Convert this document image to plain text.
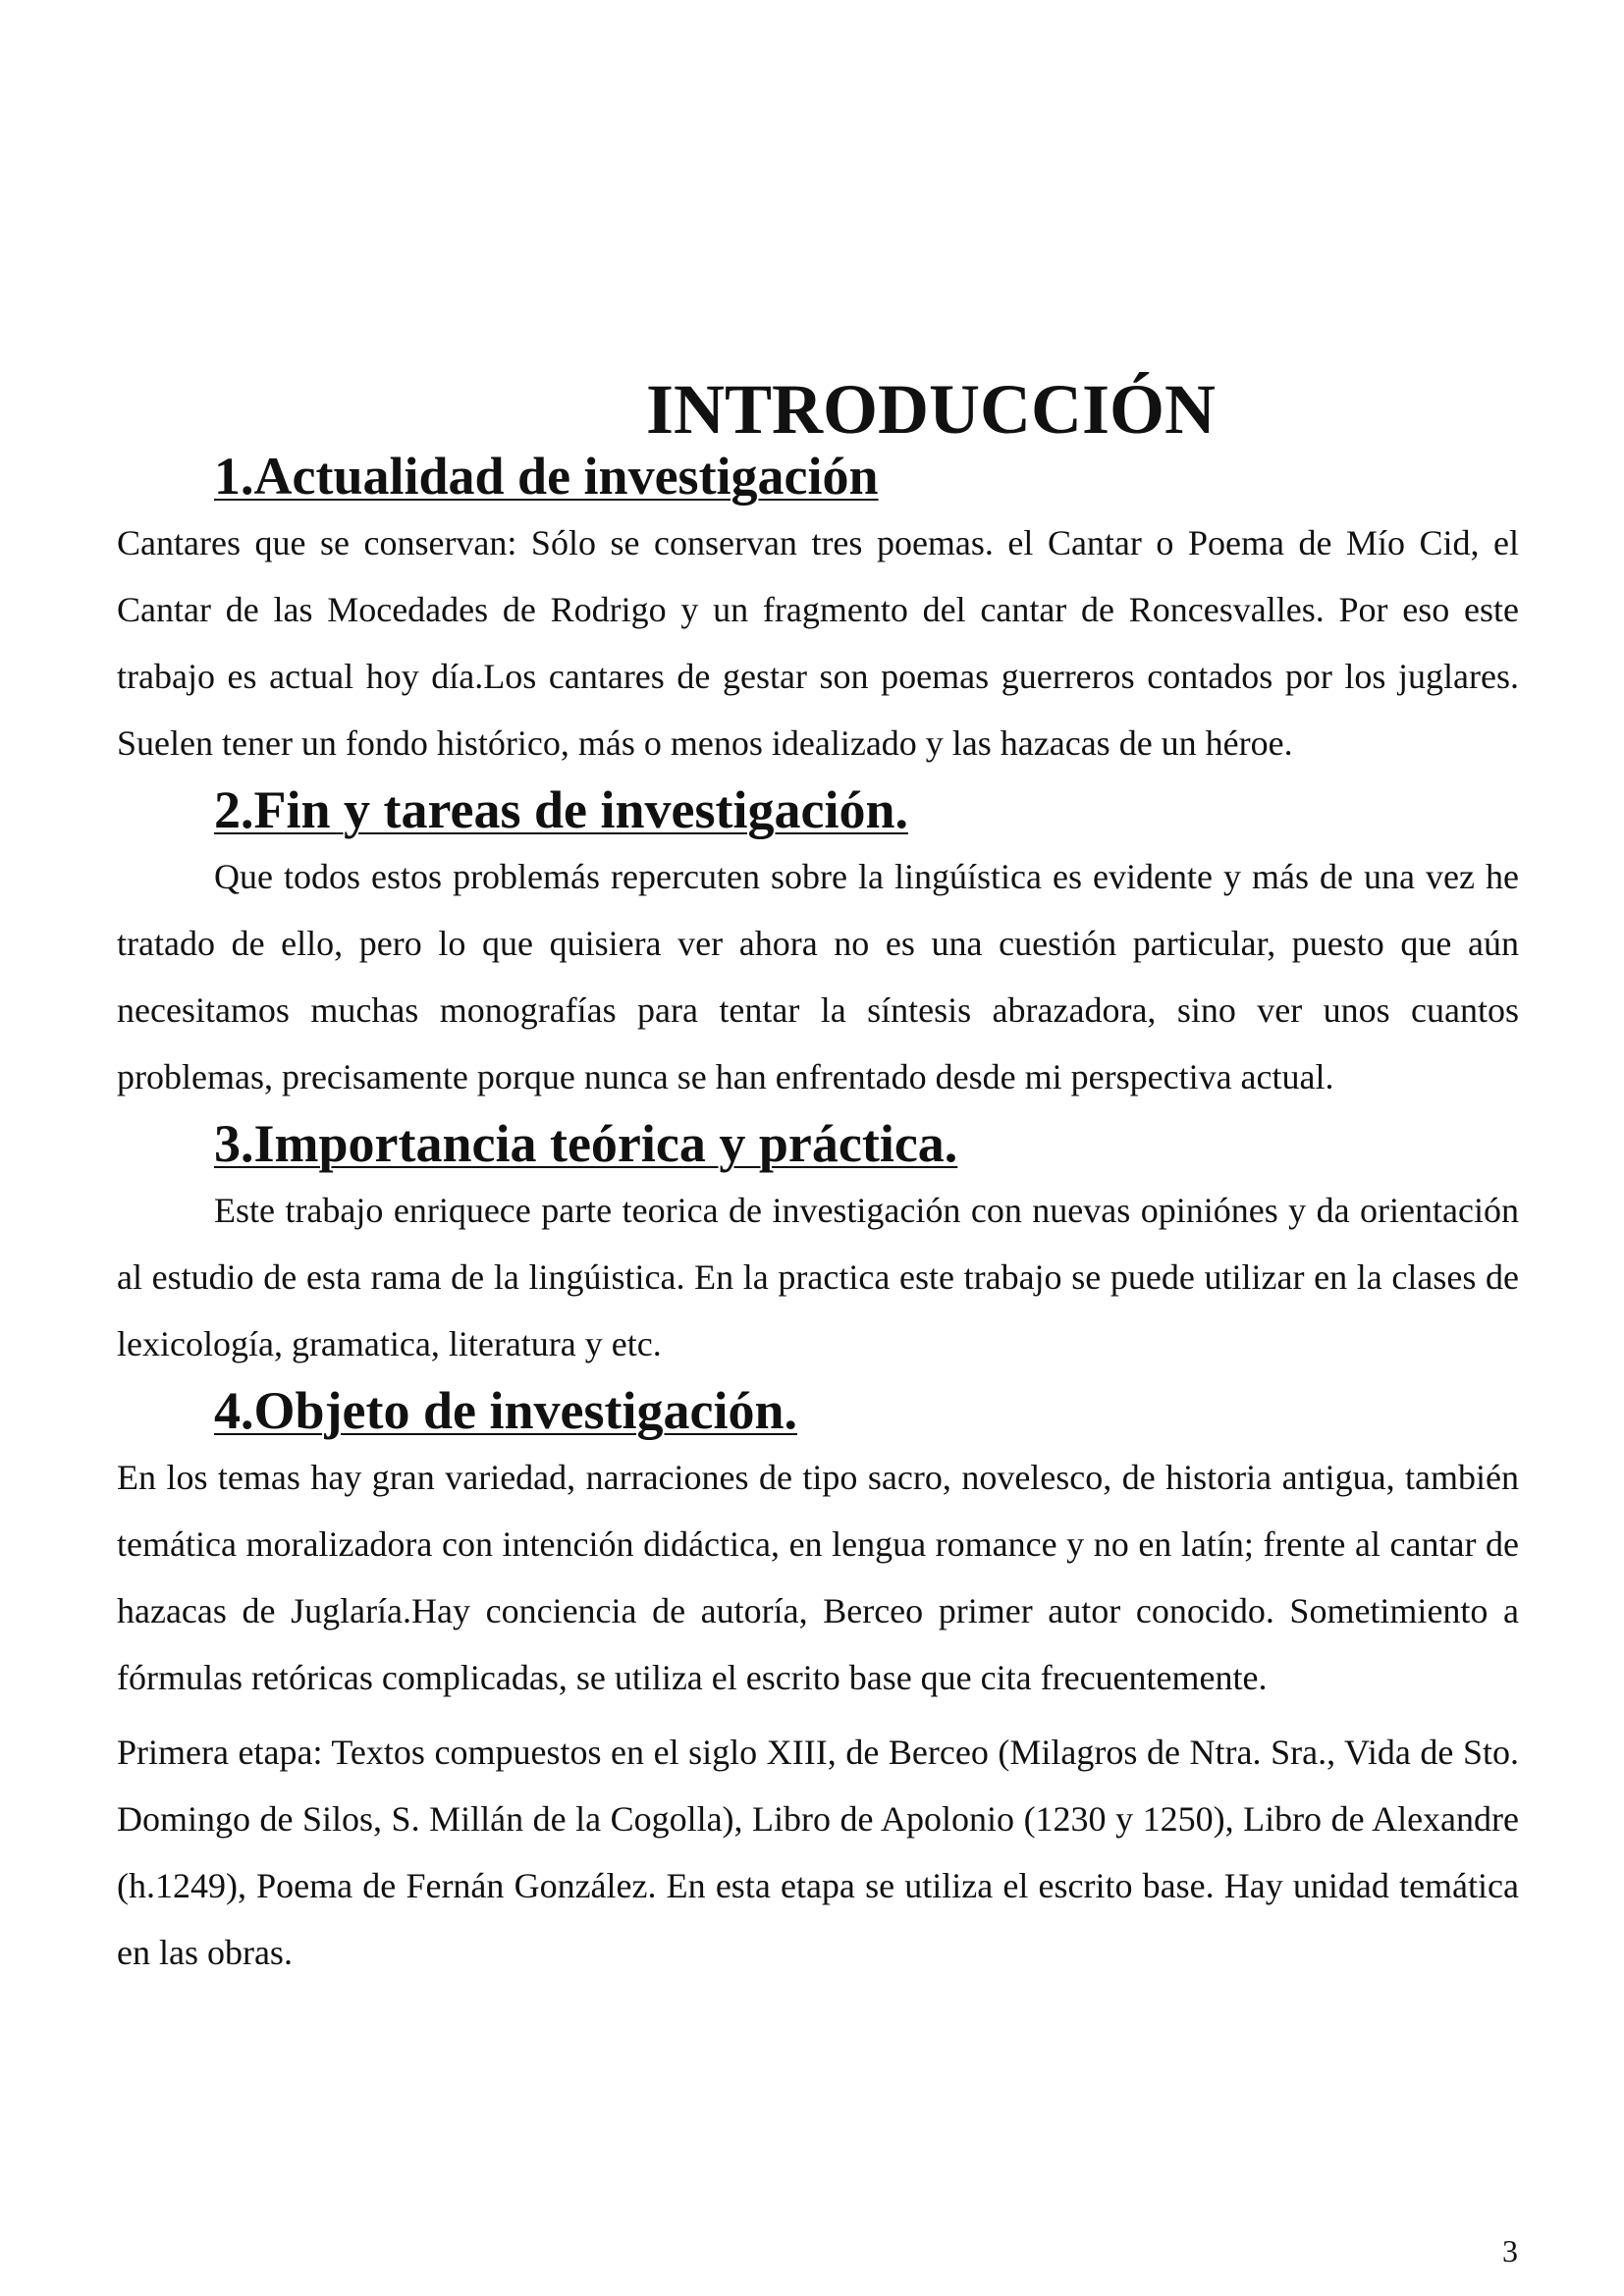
INTRODUCCIÓN
1.Actualidad de investigación

Cantares que se conservan: Sólo se conservan tres poemas. el Cantar o Poema de Mío Cid, el Cantar de las Mocedades de Rodrigo y un fragmento del cantar de Roncesvalles. Por eso este trabajo es actual hoy día.Los cantares de gestar son poemas guerreros contados por los juglares. Suelen tener un fondo histórico, más o menos idealizado y las hazacas de un héroe.

2.Fin y tareas de investigación.

Que todos estos problemás repercuten sobre la lingúística es evidente y más de una vez he tratado de ello, pero lo que quisiera ver ahora no es una cuestión particular, puesto que aún necesitamos muchas monografías para tentar la síntesis abrazadora, sino ver unos cuantos problemas, precisamente porque nunca se han enfrentado desde mi perspectiva actual.

3.Importancia teórica y práctica.

Este trabajo enriquece parte teorica de investigación con nuevas opiniónes y da orientación al estudio de esta rama de la lingúistica. En la practica este trabajo se puede utilizar en la clases de lexicología, gramatica, literatura y etc.

4.Objeto de investigación.

En los temas hay gran variedad, narraciones de tipo sacro, novelesco, de historia antigua, también temática moralizadora con intención didáctica, en lengua romance y no en latín; frente al cantar de hazacas de Juglaría.Hay conciencia de autoría, Berceo primer autor conocido. Sometimiento a fórmulas retóricas complicadas, se utiliza el escrito base que cita frecuentemente.

Primera etapa: Textos compuestos en el siglo XIII, de Berceo (Milagros de Ntra. Sra., Vida de Sto. Domingo de Silos, S. Millán de la Cogolla), Libro de Apolonio (1230 y 1250), Libro de Alexandre (h.1249), Poema de Fernán González. En esta etapa se utiliza el escrito base. Hay unidad temática en las obras.

3
